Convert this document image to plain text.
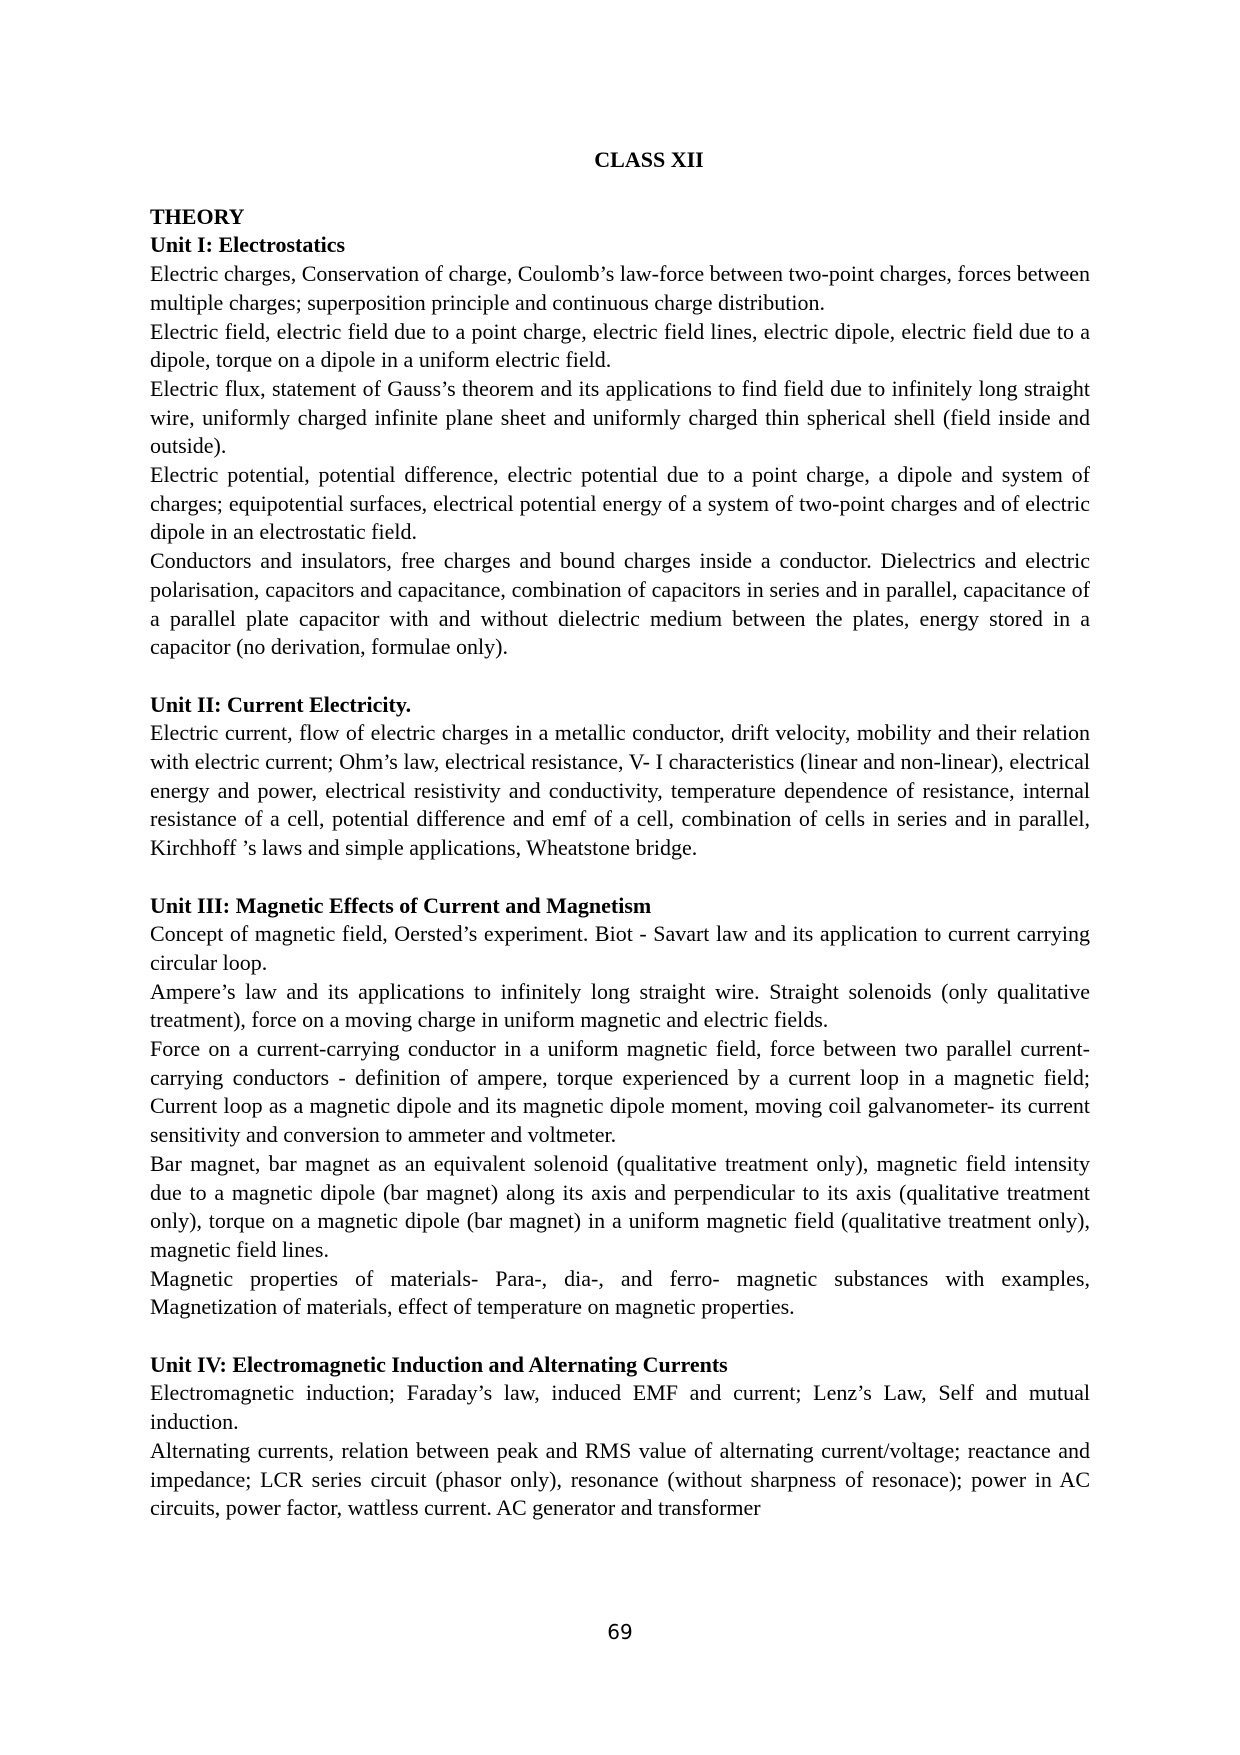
CLASS XII
THEORY
Unit I: Electrostatics

Electric charges, Conservation of charge, Coulomb’s law-force between two-point charges, forces between multiple charges; superposition principle and continuous charge distribution.

Electric field, electric field due to a point charge, electric field lines, electric dipole, electric field due to a dipole, torque on a dipole in a uniform electric field.

Electric flux, statement of Gauss’s theorem and its applications to find field due to infinitely long straight wire, uniformly charged infinite plane sheet and uniformly charged thin spherical shell (field inside and outside).

Electric potential, potential difference, electric potential due to a point charge, a dipole and system of charges; equipotential surfaces, electrical potential energy of a system of two-point charges and of electric dipole in an electrostatic field.

Conductors and insulators, free charges and bound charges inside a conductor. Dielectrics and electric polarisation, capacitors and capacitance, combination of capacitors in series and in parallel, capacitance of a parallel plate capacitor with and without dielectric medium between the plates, energy stored in a capacitor (no derivation, formulae only).

Unit II: Current Electricity.

Electric current, flow of electric charges in a metallic conductor, drift velocity, mobility and their relation with electric current; Ohm’s law, electrical resistance, V- I characteristics (linear and non-linear), electrical energy and power, electrical resistivity and conductivity, temperature dependence of resistance, internal resistance of a cell, potential difference and emf of a cell, combination of cells in series and in parallel, Kirchhoff ’s laws and simple applications, Wheatstone bridge.

Unit III: Magnetic Effects of Current and Magnetism

Concept of magnetic field, Oersted’s experiment. Biot - Savart law and its application to current carrying circular loop.

Ampere’s law and its applications to infinitely long straight wire. Straight solenoids (only qualitative treatment), force on a moving charge in uniform magnetic and electric fields.

Force on a current-carrying conductor in a uniform magnetic field, force between two parallel current-carrying conductors - definition of ampere, torque experienced by a current loop in a magnetic field; Current loop as a magnetic dipole and its magnetic dipole moment, moving coil galvanometer- its current sensitivity and conversion to ammeter and voltmeter.

Bar magnet, bar magnet as an equivalent solenoid (qualitative treatment only), magnetic field intensity due to a magnetic dipole (bar magnet) along its axis and perpendicular to its axis (qualitative treatment only), torque on a magnetic dipole (bar magnet) in a uniform magnetic field (qualitative treatment only), magnetic field lines.

Magnetic properties of materials- Para-, dia-, and ferro- magnetic substances with examples, Magnetization of materials, effect of temperature on magnetic properties.

Unit IV: Electromagnetic Induction and Alternating Currents

Electromagnetic induction; Faraday’s law, induced EMF and current; Lenz’s Law, Self and mutual induction.

Alternating currents, relation between peak and RMS value of alternating current/voltage; reactance and impedance; LCR series circuit (phasor only), resonance (without sharpness of resonace); power in AC circuits, power factor, wattless current. AC generator and transformer

69
